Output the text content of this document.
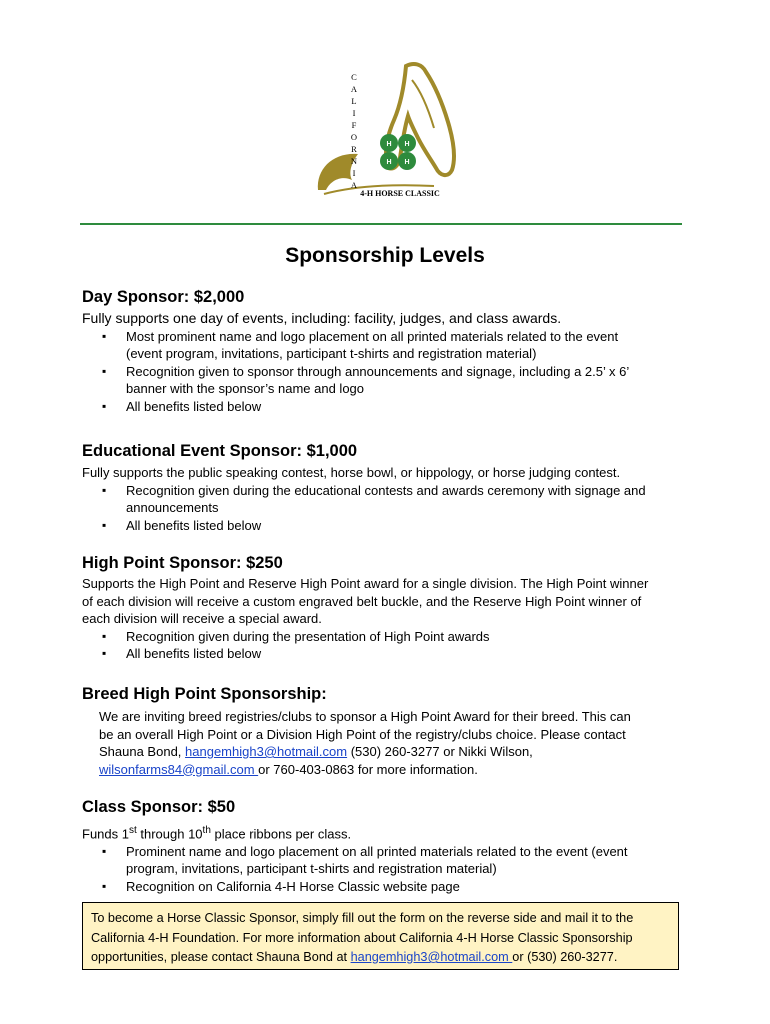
H H
H H
C
A
L
I
F
O
R
N
I
A
4-H HORSE CLASSIC
Sponsorship Levels

Day Sponsor: $2,000

Fully supports one day of events, including: facility, judges, and class awards.

▪ Most prominent name and logo placement on all printed materials related to the event
(event program, invitations, participant t-shirts and registration material)
▪ Recognition given to sponsor through announcements and signage, including a 2.5’ x 6’
banner with the sponsor’s name and logo
▪ All benefits listed below

Educational Event Sponsor: $1,000

Fully supports the public speaking contest, horse bowl, or hippology, or horse judging contest.

▪ Recognition given during the educational contests and awards ceremony with signage and
announcements
▪ All benefits listed below

High Point Sponsor: $250

Supports the High Point and Reserve High Point award for a single division. The High Point winner
of each division will receive a custom engraved belt buckle, and the Reserve High Point winner of
each division will receive a special award.

▪ Recognition given during the presentation of High Point awards
▪ All benefits listed below

Breed High Point Sponsorship:

We are inviting breed registries/clubs to sponsor a High Point Award for their breed. This can
be an overall High Point or a Division High Point of the registry/clubs choice. Please contact
Shauna Bond, hangemhigh3@hotmail.com (530) 260-3277 or Nikki Wilson,
wilsonfarms84@gmail.com or 760-403-0863 for more information.

Class Sponsor: $50

Funds 1st through 10th place ribbons per class.

▪ Prominent name and logo placement on all printed materials related to the event (event
program, invitations, participant t-shirts and registration material)
▪ Recognition on California 4-H Horse Classic website page
To become a Horse Classic Sponsor, simply fill out the form on the reverse side and mail it to the
California 4-H Foundation. For more information about California 4-H Horse Classic Sponsorship
opportunities, please contact Shauna Bond at hangemhigh3@hotmail.com or (530) 260-3277.
